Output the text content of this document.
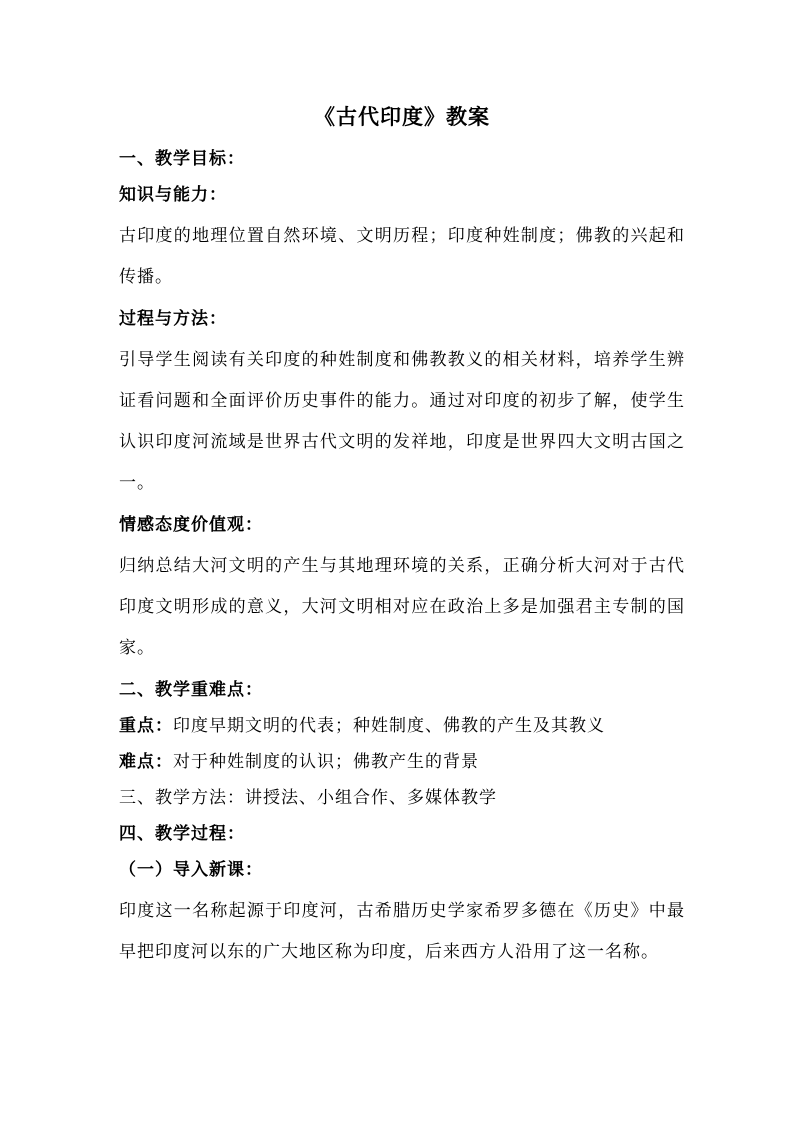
《古代印度》教案
一、教学目标：
知识与能力：

古印度的地理位置自然环境、文明历程；印度种姓制度；佛教的兴起和传播。

过程与方法：

引导学生阅读有关印度的种姓制度和佛教教义的相关材料，培养学生辨证看问题和全面评价历史事件的能力。通过对印度的初步了解，使学生认识印度河流域是世界古代文明的发祥地，印度是世界四大文明古国之一。

情感态度价值观：

归纳总结大河文明的产生与其地理环境的关系，正确分析大河对于古代印度文明形成的意义，大河文明相对应在政治上多是加强君主专制的国家。

二、教学重难点：
重点：印度早期文明的代表；种姓制度、佛教的产生及其教义
难点：对于种姓制度的认识；佛教产生的背景
三、教学方法：讲授法、小组合作、多媒体教学
四、教学过程：
（一）导入新课：

印度这一名称起源于印度河，古希腊历史学家希罗多德在《历史》中最早把印度河以东的广大地区称为印度，后来西方人沿用了这一名称。
